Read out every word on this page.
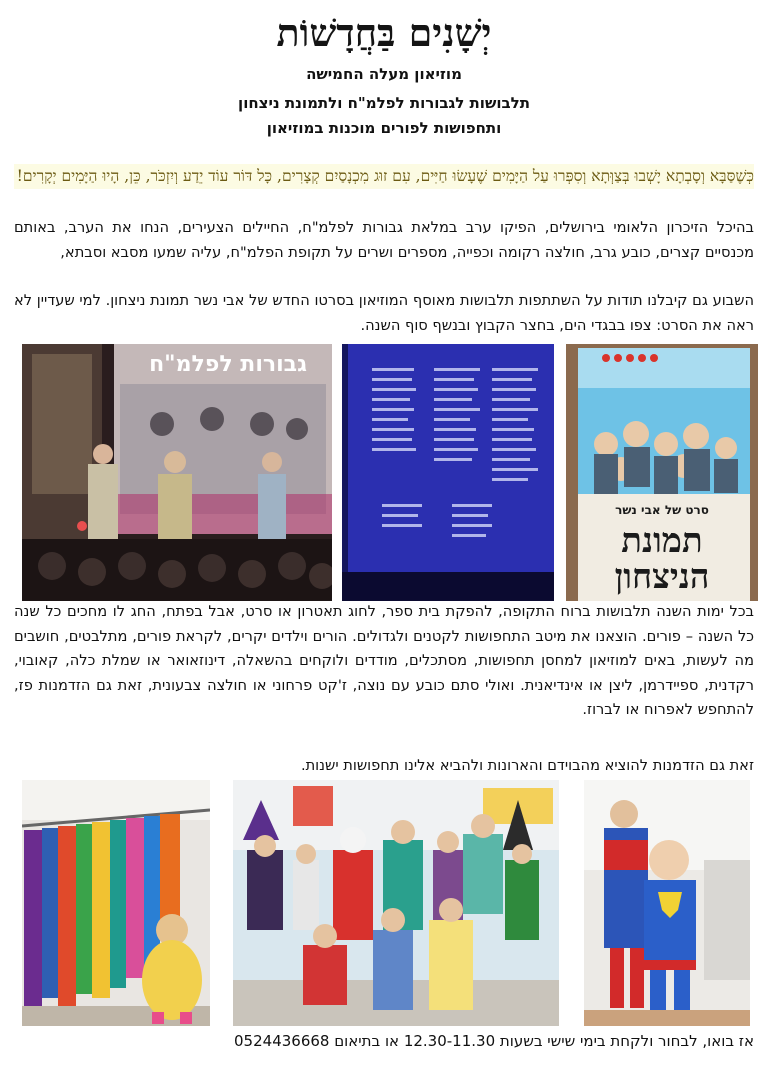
יְשָׁנִים בַּחֲדָשׁוֹת
מוזיאון מעלה החמישה
תלבושות לגבורות לפלמ"ח ולתמונת ניצחון
ותחפושות לפורים מוכנות במוזיאון
כְּשֶׁסַּבָּא וְסָבְתָא יָשְׁבוּ בְּצַוְּתָא וְסִפְּרוּ עַל הַיָּמִים שֶׁעָשׂוּ חַיִּים, עִם זוּג מִכְנָסַיִם קְצָרִים, כָּל דּוֹר עוֹד יֵדַע וְיִזְכֹּר, כֵּן, הָיוּ הַיָּמִים יְקָרִים!
בהיכל הזיכרון הלאומי בירושלים, הפיקו ערב במלאת גבורות לפלמ"ח, החיילים הצעירים, הנחו את הערב, באותם מכנסיים קצרים, כובע גרב, חולצה רקומה וכפייה, מספרים ושרים על תקופת הפלמ"ח, עליה שמעו מסבא וסבתא,
השבוע גם קיבלנו תודות על השתתפות תלבושות מאוסף המוזיאון בסרטו החדש של אבי נשר תמונת ניצחון. למי שעדיין לא ראה את הסרט: צפו בבגדי הים, בחצר הקבוץ ובנשף סוף השנה.
גבורות לפלמ"ח
סרט של אבי נשר
תמונת
הניצחון
בכל ימות השנה תלבושות ברוח התקופה, להפקת בית ספר, לחוג תאטרון או סרט, אבל בפתח, החג לו מחכים כל שנה כל השנה – פורים. הוצאנו את מיטב התחפושות לקטנים ולגדולים. הורים וילדים יקרים, לקראת פורים, מתלבטים, חושבים מה לעשות, באים למוזיאון למחסן תחפושות, מסתכלים, מודדים ולוקחים בהשאלה, דינוזאואר או שמלת כלה, קאובוי, רקדנית, ספיידרמן, ליצן או אינדיאנית. ואולי סתם כובע עם נוצה, ז'קט פרחוני או חולצה צבעונית, זאת גם הזדמנות פז, להתחפש לאפרוח או לברוז.
זאת גם הזדמנות להוציא מהבוידם והארונות ולהביא אלינו תחפושות ישנות.
אז בואו, לבחור ולקחת בימי שישי בשעות 12.30-11.30 או בתיאום 0524436668
